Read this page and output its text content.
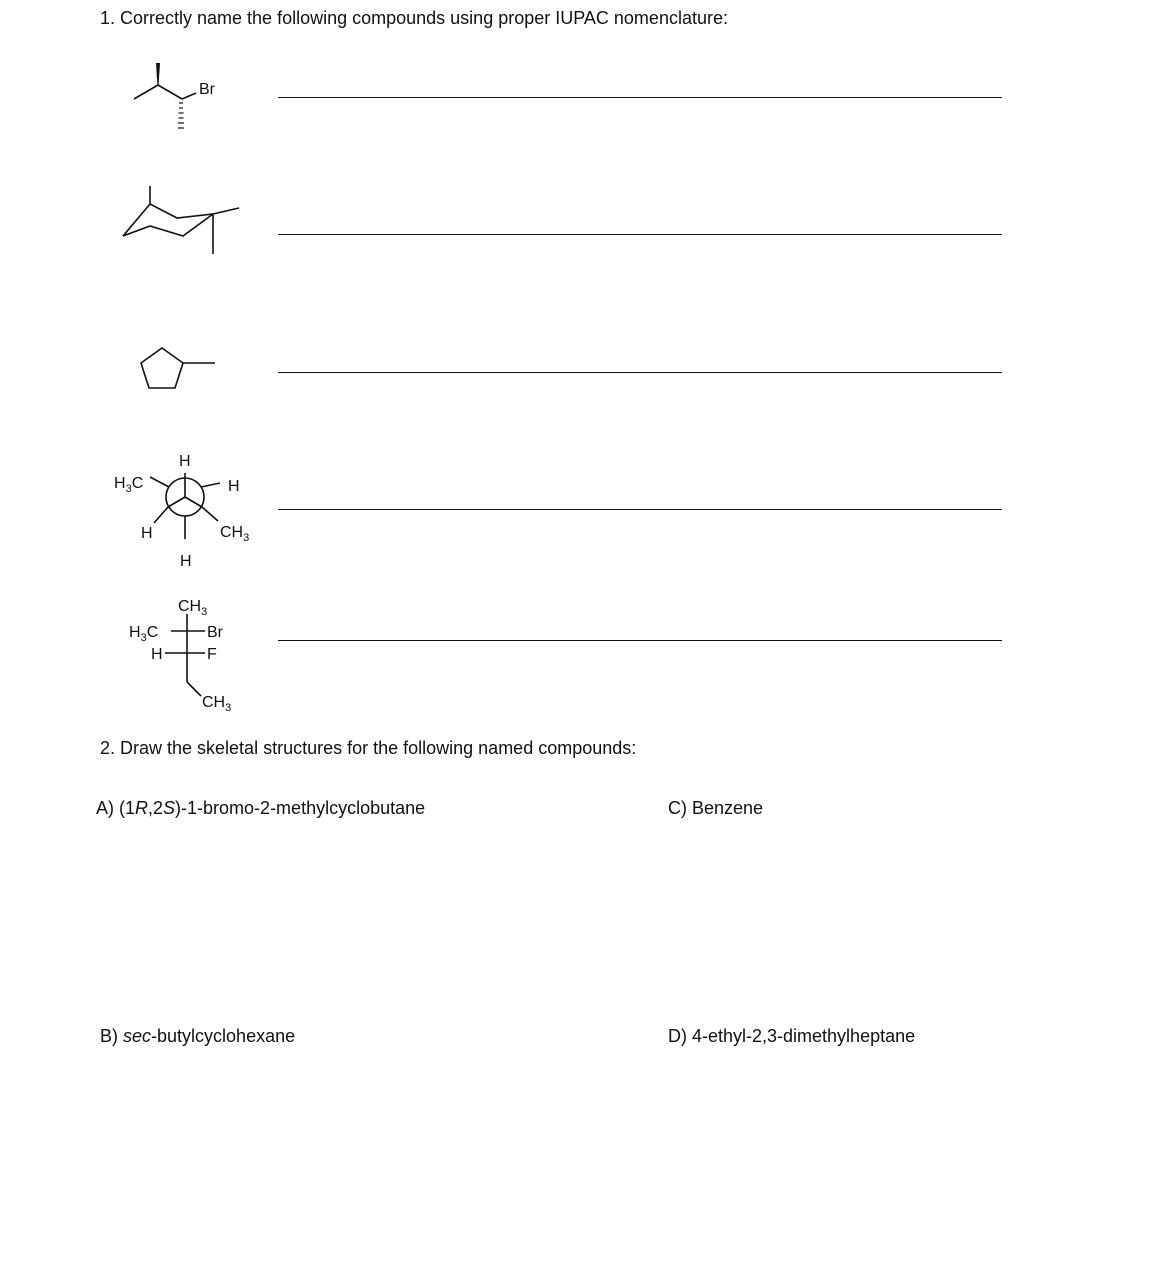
1. Correctly name the following compounds using proper IUPAC nomenclature:
Br
H
$H_3C$	H
H	$CH_3$
H
$CH_3$
$H_3C$	Br
H	F
$CH_3$
2. Draw the skeletal structures for the following named compounds:
A) (1R,2S)-1-bromo-2-methylcyclobutane	C) Benzene
B) sec-butylcyclohexane	D) 4-ethyl-2,3-dimethylheptane
